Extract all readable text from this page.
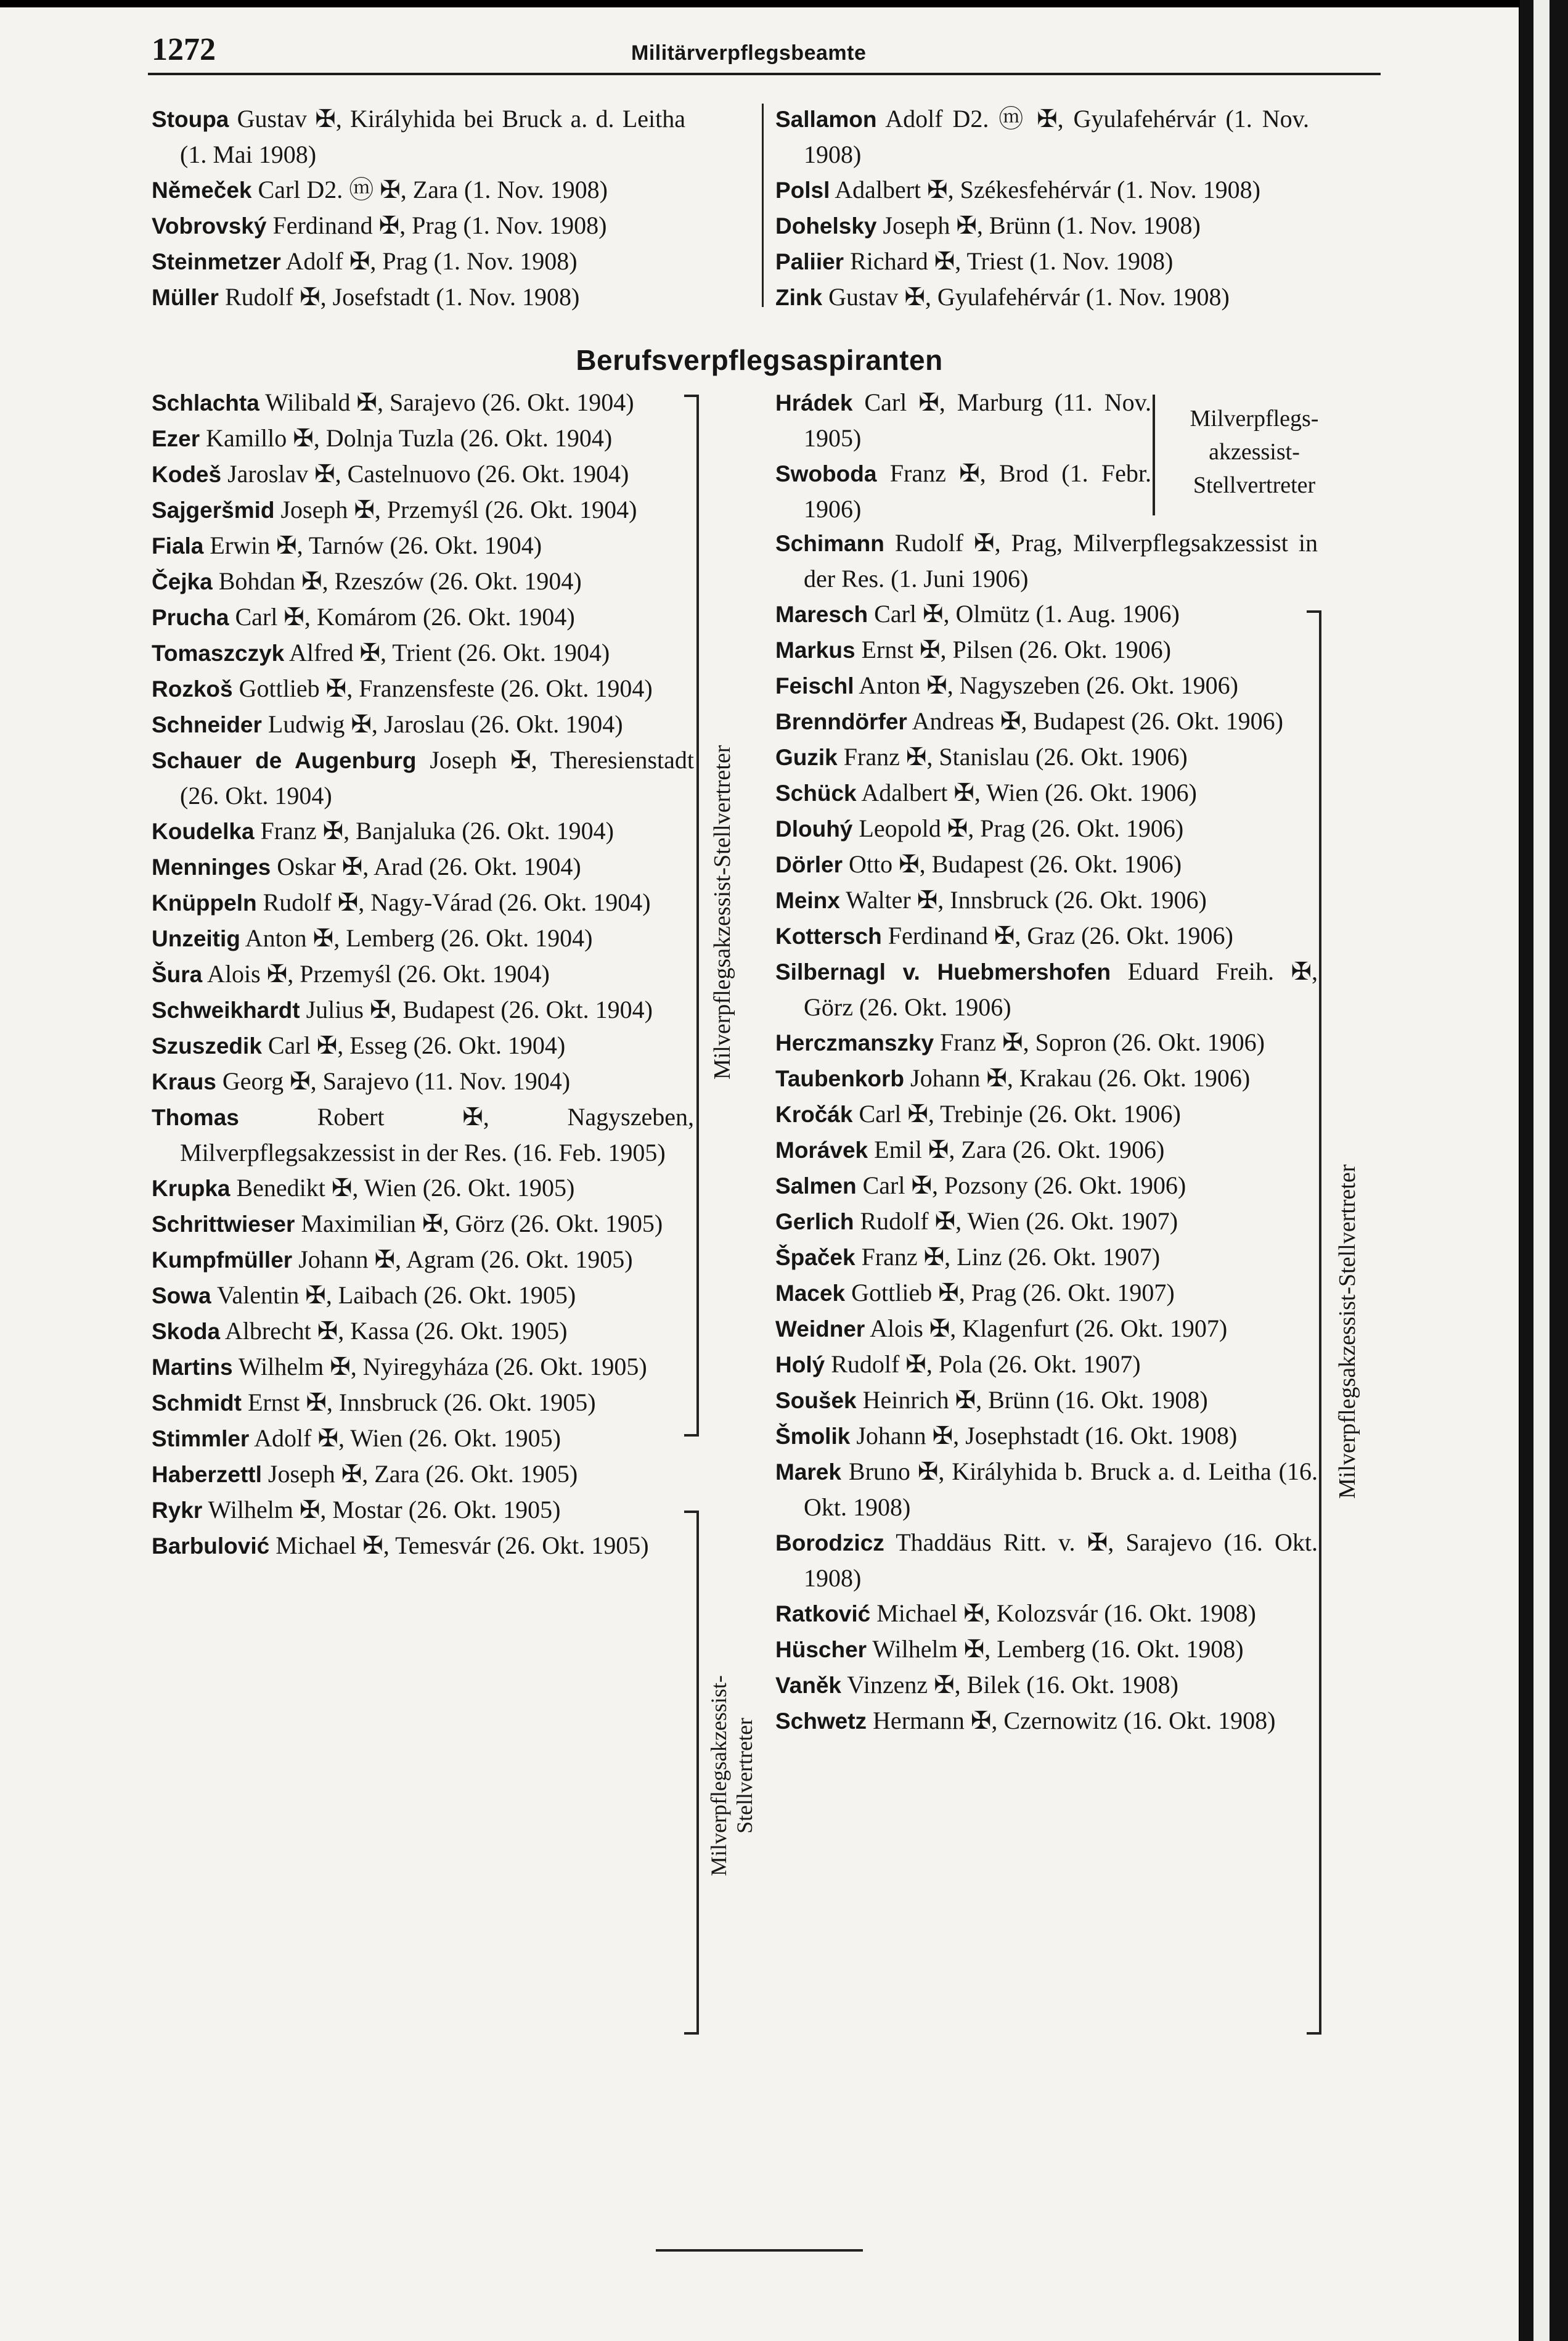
1272	Militärverpflegsbeamte
Stoupa Gustav ✠, Királyhida bei Bruck a. d. Leitha (1. Mai 1908)
Němeček Carl D2. ⓜ ✠, Zara (1. Nov. 1908)
Vobrovský Ferdinand ✠, Prag (1. Nov. 1908)
Steinmetzer Adolf ✠, Prag (1. Nov. 1908)
Müller Rudolf ✠, Josefstadt (1. Nov. 1908)
Sallamon Adolf D2. ⓜ ✠, Gyulafehérvár (1. Nov. 1908)
Polsl Adalbert ✠, Székesfehérvár (1. Nov. 1908)
Dohelsky Joseph ✠, Brünn (1. Nov. 1908)
Paliier Richard ✠, Triest (1. Nov. 1908)
Zink Gustav ✠, Gyulafehérvár (1. Nov. 1908)
Berufsverpflegsaspiranten
Schlachta Wilibald ✠, Sarajevo (26. Okt. 1904)
Ezer Kamillo ✠, Dolnja Tuzla (26. Okt. 1904)
Kodeš Jaroslav ✠, Castelnuovo (26. Okt. 1904)
Sajgeršmid Joseph ✠, Przemyśl (26. Okt. 1904)
Fiala Erwin ✠, Tarnów (26. Okt. 1904)
Čejka Bohdan ✠, Rzeszów (26. Okt. 1904)
Prucha Carl ✠, Komárom (26. Okt. 1904)
Tomaszczyk Alfred ✠, Trient (26. Okt. 1904)
Rozkoš Gottlieb ✠, Franzensfeste (26. Okt. 1904)
Schneider Ludwig ✠, Jaroslau (26. Okt. 1904)
Schauer de Augenburg Joseph ✠, Theresienstadt (26. Okt. 1904)
Koudelka Franz ✠, Banjaluka (26. Okt. 1904)
Menninges Oskar ✠, Arad (26. Okt. 1904)
Knüppeln Rudolf ✠, Nagy-Várad (26. Okt. 1904)
Unzeitig Anton ✠, Lemberg (26. Okt. 1904)
Šura Alois ✠, Przemyśl (26. Okt. 1904)
Schweikhardt Julius ✠, Budapest (26. Okt. 1904)
Szuszedik Carl ✠, Esseg (26. Okt. 1904)
Kraus Georg ✠, Sarajevo (11. Nov. 1904)
Thomas Robert ✠, Nagyszeben, Milverpflegsakzessist in der Res. (16. Feb. 1905)
Krupka Benedikt ✠, Wien (26. Okt. 1905)
Schrittwieser Maximilian ✠, Görz (26. Okt. 1905)
Kumpfmüller Johann ✠, Agram (26. Okt. 1905)
Sowa Valentin ✠, Laibach (26. Okt. 1905)
Skoda Albrecht ✠, Kassa (26. Okt. 1905)
Martins Wilhelm ✠, Nyiregyháza (26. Okt. 1905)
Schmidt Ernst ✠, Innsbruck (26. Okt. 1905)
Stimmler Adolf ✠, Wien (26. Okt. 1905)
Haberzettl Joseph ✠, Zara (26. Okt. 1905)
Rykr Wilhelm ✠, Mostar (26. Okt. 1905)
Barbulović Michael ✠, Temesvár (26. Okt. 1905)
Milverpflegsakzessist-Stellvertreter
Milverpflegsakzessist- Stellvertreter
Hrádek Carl ✠, Marburg (11. Nov. 1905)
Swoboda Franz ✠, Brod (1. Febr. 1906)
Milverpflegs-akzessist-Stellvertreter
Schimann Rudolf ✠, Prag, Milverpflegsakzessist in der Res. (1. Juni 1906)
Maresch Carl ✠, Olmütz (1. Aug. 1906)
Markus Ernst ✠, Pilsen (26. Okt. 1906)
Feischl Anton ✠, Nagyszeben (26. Okt. 1906)
Brenndörfer Andreas ✠, Budapest (26. Okt. 1906)
Guzik Franz ✠, Stanislau (26. Okt. 1906)
Schück Adalbert ✠, Wien (26. Okt. 1906)
Dlouhý Leopold ✠, Prag (26. Okt. 1906)
Dörler Otto ✠, Budapest (26. Okt. 1906)
Meinx Walter ✠, Innsbruck (26. Okt. 1906)
Kottersch Ferdinand ✠, Graz (26. Okt. 1906)
Silbernagl v. Huebmershofen Eduard Freih. ✠, Görz (26. Okt. 1906)
Herczmanszky Franz ✠, Sopron (26. Okt. 1906)
Taubenkorb Johann ✠, Krakau (26. Okt. 1906)
Kročák Carl ✠, Trebinje (26. Okt. 1906)
Morávek Emil ✠, Zara (26. Okt. 1906)
Salmen Carl ✠, Pozsony (26. Okt. 1906)
Gerlich Rudolf ✠, Wien (26. Okt. 1907)
Špaček Franz ✠, Linz (26. Okt. 1907)
Macek Gottlieb ✠, Prag (26. Okt. 1907)
Weidner Alois ✠, Klagenfurt (26. Okt. 1907)
Holý Rudolf ✠, Pola (26. Okt. 1907)
Soušek Heinrich ✠, Brünn (16. Okt. 1908)
Šmolik Johann ✠, Josephstadt (16. Okt. 1908)
Marek Bruno ✠, Királyhida b. Bruck a. d. Leitha (16. Okt. 1908)
Borodzicz Thaddäus Ritt. v. ✠, Sarajevo (16. Okt. 1908)
Ratković Michael ✠, Kolozsvár (16. Okt. 1908)
Hüscher Wilhelm ✠, Lemberg (16. Okt. 1908)
Vaněk Vinzenz ✠, Bilek (16. Okt. 1908)
Schwetz Hermann ✠, Czernowitz (16. Okt. 1908)
Milverpflegsakzessist-Stellvertreter
